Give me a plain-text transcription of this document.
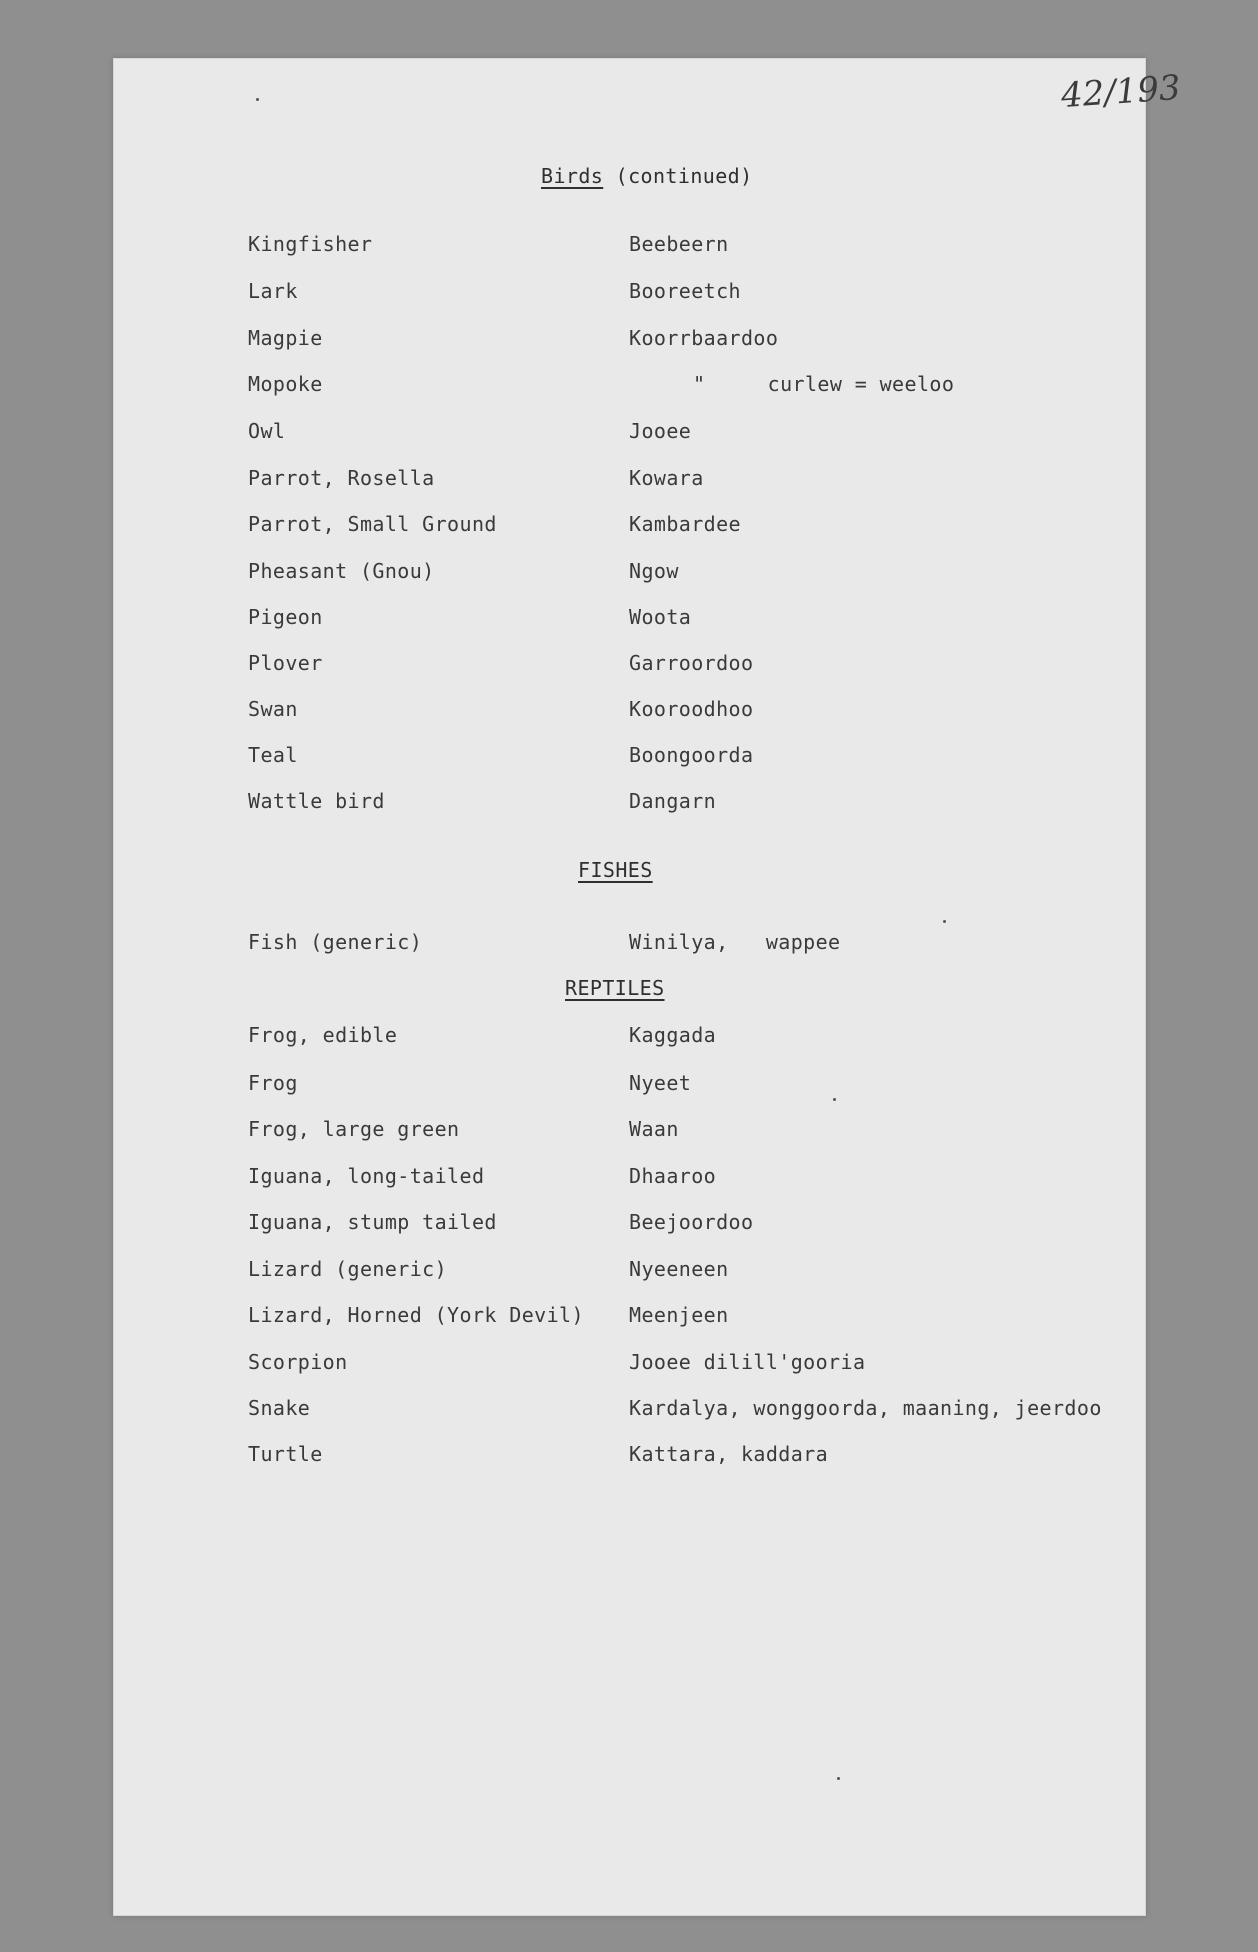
42/193
Birds (continued)
Kingfisher	Beebeern
Lark	Booreetch
Magpie	Koorrbaardoo
Mopoke	"     curlew = weeloo
Owl	Jooee
Parrot, Rosella	Kowara
Parrot, Small Ground	Kambardee
Pheasant (Gnou)	Ngow
Pigeon	Woota
Plover	Garroordoo
Swan	Kooroodhoo
Teal	Boongoorda
Wattle bird	Dangarn
FISHES
Fish (generic)	Winilya,   wappee
REPTILES
Frog, edible	Kaggada
Frog	Nyeet
Frog, large green	Waan
Iguana, long-tailed	Dhaaroo
Iguana, stump tailed	Beejoordoo
Lizard (generic)	Nyeeneen
Lizard, Horned (York Devil) Meenjeen
Scorpion	Jooee dilill'gooria
Snake	Kardalya, wonggoorda, maaning, jeerdoo
Turtle	Kattara, kaddara
